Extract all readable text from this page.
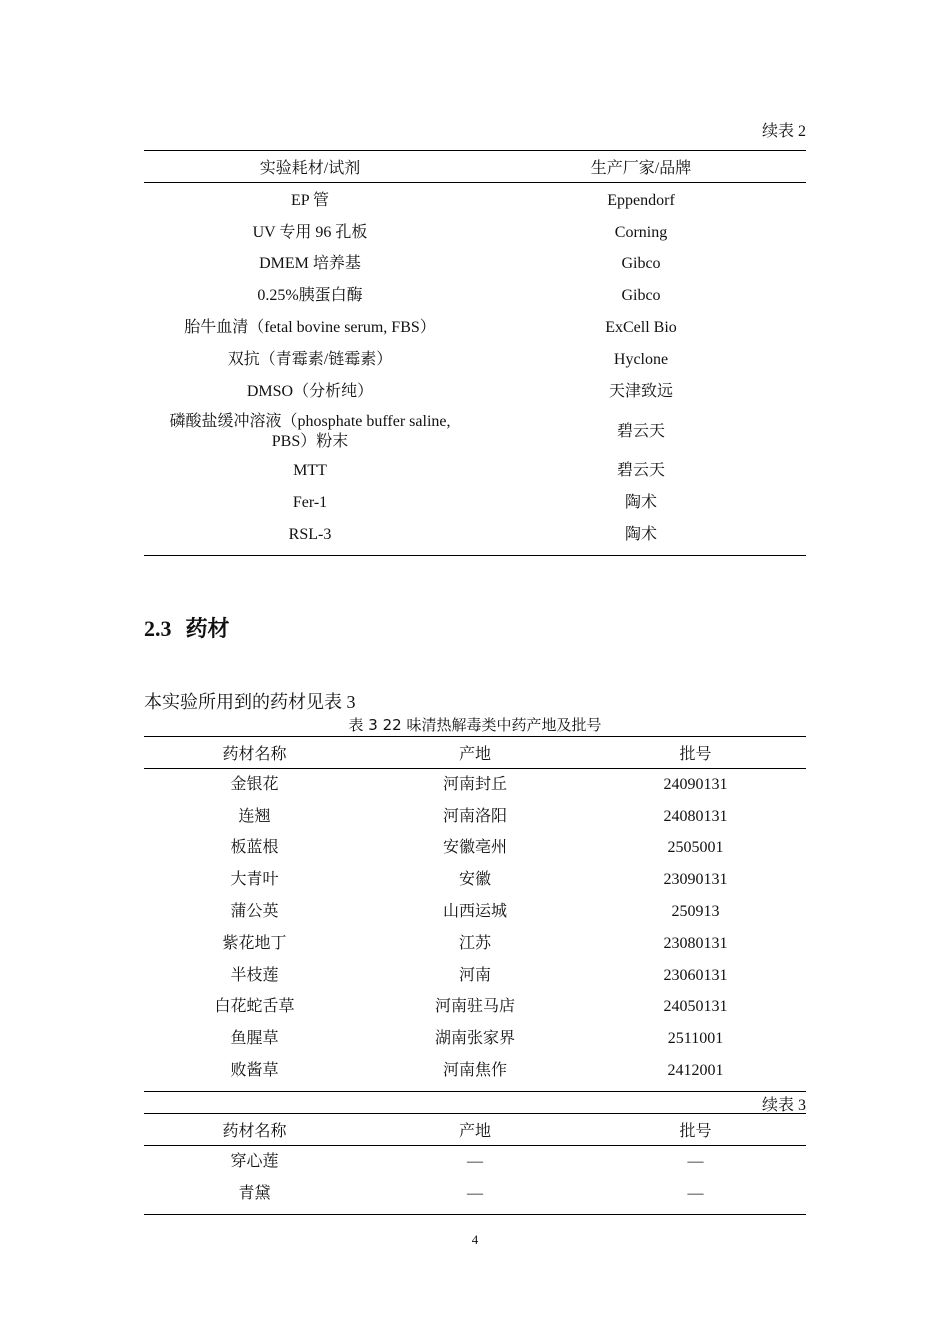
续表 2
实验耗材/试剂	生产厂家/品牌
EP 管	Eppendorf
UV 专用 96 孔板	Corning
DMEM 培养基	Gibco
0.25%胰蛋白酶	Gibco
胎牛血清（fetal bovine serum, FBS）	ExCell Bio
双抗（青霉素/链霉素）	Hyclone
DMSO（分析纯）	天津致远
磷酸盐缓冲溶液（phosphate buffer saline,
PBS）粉末	碧云天
MTT	碧云天
Fer-1	陶术
RSL-3	陶术
2.3 药材
本实验所用到的药材见表 3
表 3 22 味清热解毒类中药产地及批号
药材名称	产地	批号
金银花	河南封丘	24090131
连翘	河南洛阳	24080131
板蓝根	安徽亳州	2505001
大青叶	安徽	23090131
蒲公英	山西运城	250913
紫花地丁	江苏	23080131
半枝莲	河南	23060131
白花蛇舌草	河南驻马店	24050131
鱼腥草	湖南张家界	2511001
败酱草	河南焦作	2412001
续表 3
药材名称	产地	批号
穿心莲	—	—
青黛	—	—
4
